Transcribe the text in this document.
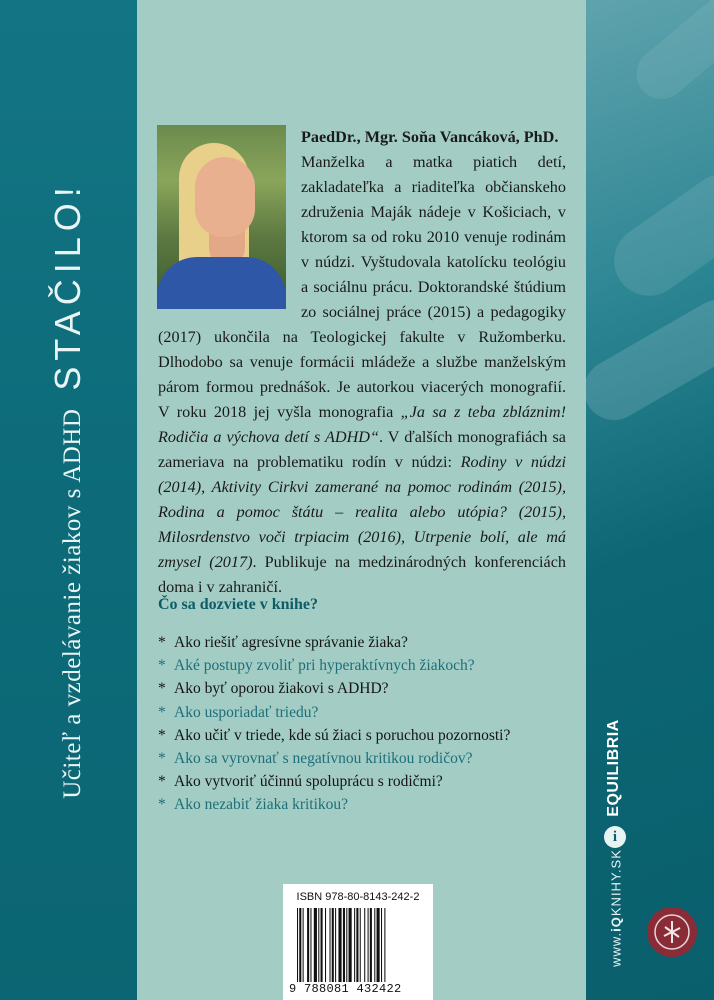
Učiteľ a vzdelávanie žiakov s ADHDSTAČILO!
PaedDr., Mgr. Soňa Vancáková, PhD.
Manželka a matka piatich detí, zakladateľka a riaditeľka občianskeho združenia Maják nádeje v Košiciach, v ktorom sa od roku 2010 venuje rodinám v núdzi. Vyštudovala katolícku teológiu a sociálnu prácu. Doktorandské štúdium zo sociálnej práce (2015) a pedagogiky (2017) ukončila na Teologickej fakulte v Ružomberku. Dlhodobo sa venuje formácii mládeže a službe manželským párom formou prednášok. Je autorkou viacerých monografií. V roku 2018 jej vyšla monografia „Ja sa z teba zbláznim! Rodičia a výchova detí s ADHD“. V ďalších monografiách sa zameriava na problematiku rodín v núdzi: Rodiny v núdzi (2014), Aktivity Cirkvi zamerané na pomoc rodinám (2015), Rodina a pomoc štátu – realita alebo utópia? (2015), Milosrdenstvo voči trpiacim (2016), Utrpenie bolí, ale má zmysel (2017). Publikuje na medzinárodných konferenciách doma i v zahraničí.
Čo sa dozviete v knihe?
* Ako riešiť agresívne správanie žiaka?
* Aké postupy zvoliť pri hyperaktívnych žiakoch?
* Ako byť oporou žiakovi s ADHD?
* Ako usporiadať triedu?
* Ako učiť v triede, kde sú žiaci s poruchou pozornosti?
* Ako sa vyrovnať s negatívnou kritikou rodičov?
* Ako vytvoriť účinnú spoluprácu s rodičmi?
* Ako nezabiť žiaka kritikou?
ISBN 978-80-8143-242-2
9 788081 432422
EQUILIBRIA
i
www.iQKNIHY.SK
